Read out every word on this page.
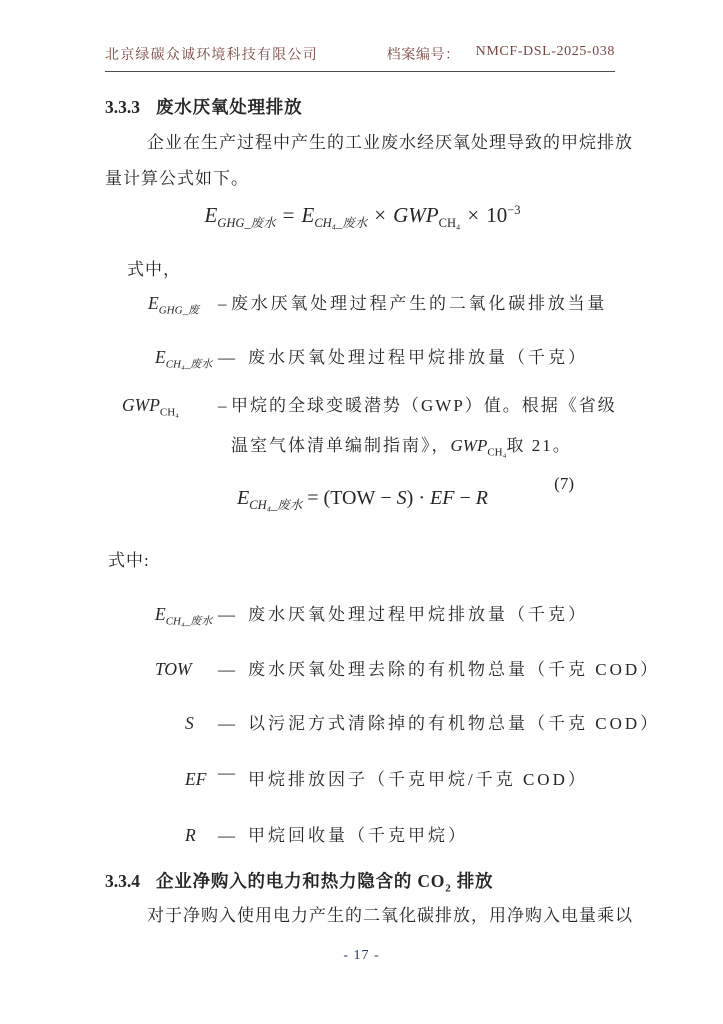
北京绿碳众诚环境科技有限公司	档案编号： NMCF-DSL-2025-038
3.3.3 废水厌氧处理排放
企业在生产过程中产生的工业废水经厌氧处理导致的甲烷排放
量计算公式如下。
$E_{GHG\_废水} = E_{CH_4\_废水} \times GWP_{CH_4} \times 10^{-3}$
式中，
$E_{GHG\_废}$ – 废水厌氧处理过程产生的二氧化碳排放当量
$E_{CH_4\_废水}$ — 废水厌氧处理过程甲烷排放量（千克）
$GWP_{CH_4}$ – 甲烷的全球变暖潜势（GWP）值。根据《省级
温室气体清单编制指南》，$GWP_{CH_4}$取 21。
(7)
$E_{CH_4\_废水} = (TOW - S)$ · EF − R
式中:
$E_{CH_4\_废水}$ — 废水厌氧处理过程甲烷排放量（千克）
TOW — 废水厌氧处理去除的有机物总量（千克 COD）
S — 以污泥方式清除掉的有机物总量（千克 COD）
EF — 甲烷排放因子（千克甲烷/千克 COD）
R — 甲烷回收量（千克甲烷）
3.3.4 企业净购入的电力和热力隐含的 $CO_2$ 排放
对于净购入使用电力产生的二氧化碳排放，用净购入电量乘以
- 17 -
